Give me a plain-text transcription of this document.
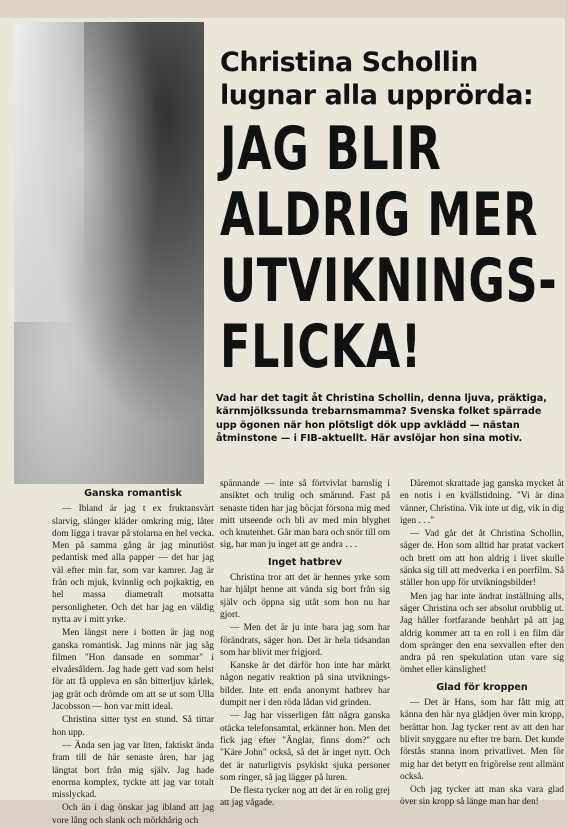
Christina Schollin

lugnar alla upprörda:

JAG BLIR
ALDRIG MER
UTVIKNINGS-
FLICKA!
Vad har det tagit åt Christina Schollin, denna ljuva, präktiga, kärnmjölkssunda trebarnsmamma? Svenska folket spärrade upp ögonen när hon plötsligt dök upp avklädd — nästan åtminstone — i FIB-aktuellt. Här avslöjar hon sina motiv.
Ganska romantisk

— Ibland är jag t ex fruktansvärt slarvig, slänger kläder omkring mig, låter dom ligga i travar på stolarna en hel vecka. Men på samma gång är jag minutiöst pedantisk med alla papper — det har jag väl efter min far, som var kamrer. Jag är från och mjuk, kvinnlig och pojkaktig, en hel massa diametralt motsatta personligheter. Och det har jag en väldig nytta av i mitt yrke.

Men längst nere i botten är jag nog ganska romantisk. Jag minns när jag såg filmen "Hon dansade en sommar" i elvaårsåldern. Jag hade gett vad som helst för att få uppleva en sån bitterljuv kärlek, jag grät och drömde om att se ut som Ulla Jacobsson — hon var mitt ideal.

Christina sitter tyst en stund. Så tittar hon upp.

— Ända sen jag var liten, faktiskt ända fram till de här senaste åren, har jag längtat bort från mig själv. Jag hade enorma komplex, tyckte att jag var totalt misslyckad.

Och än i dag önskar jag ibland att jag vore lång och slank och mörkhårig och

spännande — inte så förtvivlat barnslig i ansiktet och trulig och smårund. Fast på senaste tiden har jag böcjat försona mig med mitt utseende och bli av med min blyghet och knutenhet. Går man bara och snör till om sig, har man ju inget att ge andra . . .

Inget hatbrev

Christina tror att det är hennes yrke som har hjälpt henne att vända sig bort från sig själv och öppna sig utåt som hon nu har gjort.

— Men det är ju inte bara jag som har förändrats, säger hon. Det är hela tidsandan som har blivit mer frigjord.

Kanske är det därför hon inte har märkt någon negativ reaktion på sina utviknings-bilder. Inte ett enda anonymt hatbrev har dumpit ner i den röda lådan vid grinden.

— Jag har visserligen fått några ganska otäcka telefonsamtal, erkänner hon. Men det fick jag efter "Änglar, finns dom?" och "Käre John" också, så det är inget nytt. Och det är naturligtvis psykiskt sjuka personer som ringer, så jag lägger på luren.

De flesta tycker nog att det är en rolig grej att jag vågade.

Däremot skrattade jag ganska mycket åt en notis i en kvällstidning. "Vi är dina vänner, Christina. Vik inte ut dig, vik in dig igen . . ."

— Vad går det åt Christina Schollin, säger de. Hon som alltid har pratat vackert och brett om att hon aldrig i livet skulle sänka sig till att medverka i en porrfilm. Så ställer hon upp för utvikningsbilder!

Men jag har inte ändrat inställning alls, säger Christina och ser absolut orubblig ut. Jag håller fortfarande benhårt på att jag aldrig kommer att ta en roll i en film där dom spränger den ena sexvallen efter den andra på ren spekulation utan vare sig ömhet eller känslighet!

Glad för kroppen

— Det är Hans, som har fått mig att känna den här nya glädjen över min kropp, berättar hon. Jag tycker rent av att den har blivit snyggare nu efter tre barn. Det kunde förstås stanna inom privatlivet. Men för mig har det betytt en frigörelse rent allmänt också.

Och jag tycker att man ska vara glad över sin kropp så länge man har den!
